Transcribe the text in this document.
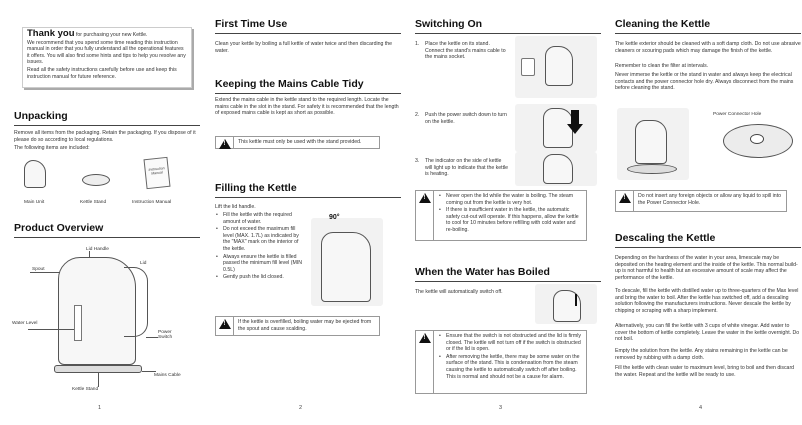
Thank you for purchasing your new Kettle.
We recommend that you spend some time reading this instruction manual in order that you fully understand all the operational features it offers. You will also find some hints and tips to help you resolve any issues.
Read all the safety instructions carefully before use and keep this instruction manual for future reference.
Unpacking
Remove all items from the packaging. Retain the packaging. If you dispose of it please do so according to local regulations.
The following items are included:
Instruction Manual
Main Unit	Kettle Stand	Instruction Manual
Product Overview
Lid Handle
Lid
Spout
Water Level
Power Switch
Mains Cable
Kettle Stand
1
First Time Use
Clean your kettle by boiling a full kettle of water twice and then discarding the water.
Keeping the Mains Cable Tidy
Extend the mains cable in the kettle stand to the required length. Locate the mains cable in the slot in the stand. For safety it is recommended that the length of exposed mains cable is kept as short as possible.
!	This kettle must only be used with the stand provided.
Filling the Kettle
Lift the lid handle.
• Fill the kettle with the required amount of water.
• Do not exceed the maximum fill level (MAX. 1.7L) as indicated by the "MAX" mark on the interior of the kettle.
• Always ensure the kettle is filled passed the minimum fill level (MIN 0.5L)
• Gently push the lid closed.
90°
!	If the kettle is overfilled, boiling water may be ejected from the spout and cause scalding.
2
Switching On
1. Place the kettle on its stand. Connect the stand's mains cable to the mains socket.
2. Push the power switch down to turn on the kettle.
3. The indicator on the side of kettle will light up to indicate that the kettle is heating.
!	• Never open the lid while the water is boiling. The steam coming out from the kettle is very hot.
• If there is insufficient water in the kettle, the automatic safety cut-out will operate. If this happens, allow the kettle to cool for 10 minutes before refilling with cold water and re-boiling.
When the Water has Boiled
The kettle will automatically switch off.
!	• Ensure that the switch is not obstructed and the lid is firmly closed. The kettle will not turn off if the switch is obstructed or if the lid is open.
• After removing the kettle, there may be some water on the surface of the stand. This is condensation from the steam causing the kettle to automatically switch off after boiling. This is normal and should not be a cause for alarm.
3
Cleaning the Kettle
The kettle exterior should be cleaned with a soft damp cloth. Do not use abrasive cleaners or scouring pads which may damage the finish of the kettle.
Remember to clean the filter at intervals.
Never immerse the kettle or the stand in water and always keep the electrical contacts and the power connector hole dry. Always disconnect from the mains before cleaning the stand.
Power Connector Hole
!	Do not insert any foreign objects or allow any liquid to spill into the Power Connector Hole.
Descaling the Kettle
Depending on the hardness of the water in your area, limescale may be deposited on the heating element and the inside of the kettle. This normal build-up is not harmful to health but an excessive amount of scale may affect the performance of the kettle.
To descale, fill the kettle with distilled water up to three-quarters of the Max level and bring the water to boil. After the kettle has switched off, add a descaling solution following the manufacturers instructions. Never descale the kettle by chipping or scraping with a sharp implement.
Alternatively, you can fill the kettle with 3 cups of white vinegar. Add water to cover the bottom of kettle completely. Leave the water in the kettle overnight. Do not boil.
Empty the solution from the kettle. Any stains remaining in the kettle can be removed by rubbing with a damp cloth.
Fill the kettle with clean water to maximum level, bring to boil and then discard the water. Repeat and the kettle will be ready to use.
4
